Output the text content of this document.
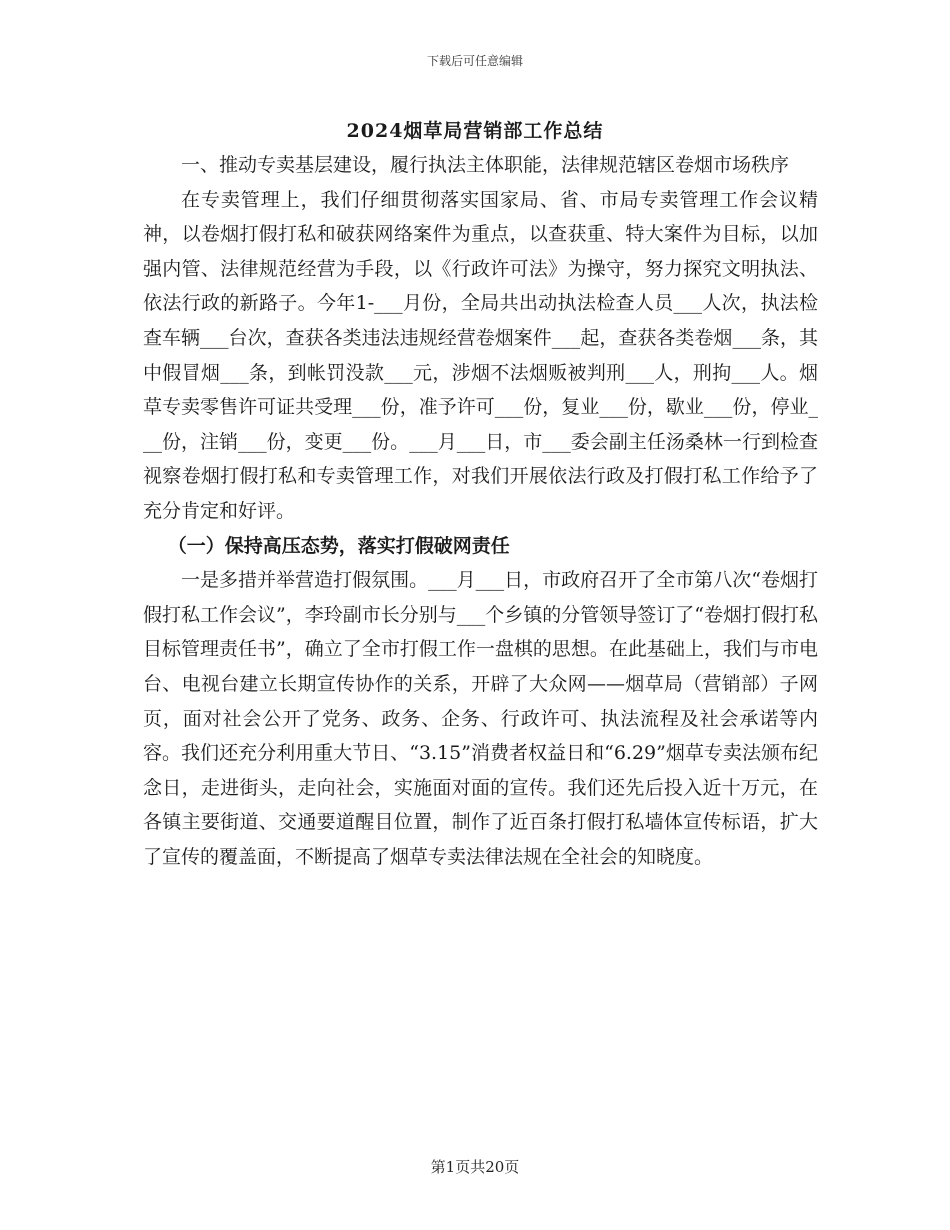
下载后可任意编辑
2024烟草局营销部工作总结

一、推动专卖基层建设，履行执法主体职能，法律规范辖区卷烟市场秩序

在专卖管理上，我们仔细贯彻落实国家局、省、市局专卖管理工作会议精神，以卷烟打假打私和破获网络案件为重点，以查获重、特大案件为目标，以加强内管、法律规范经营为手段，以《行政许可法》为操守，努力探究文明执法、依法行政的新路子。今年1-___月份，全局共出动执法检查人员___人次，执法检查车辆___台次，查获各类违法违规经营卷烟案件___起，查获各类卷烟___条，其中假冒烟___条，到帐罚没款___元，涉烟不法烟贩被判刑___人，刑拘___人。烟草专卖零售许可证共受理___份，准予许可___份，复业___份，歇业___份，停业___份，注销___份，变更___份。___月___日，市___委会副主任汤桑林一行到检查视察卷烟打假打私和专卖管理工作，对我们开展依法行政及打假打私工作给予了充分肯定和好评。

（一）保持高压态势，落实打假破网责任

一是多措并举营造打假氛围。___月___日，市政府召开了全市第八次“卷烟打假打私工作会议”，李玲副市长分别与___个乡镇的分管领导签订了“卷烟打假打私目标管理责任书”，确立了全市打假工作一盘棋的思想。在此基础上，我们与市电台、电视台建立长期宣传协作的关系，开辟了大众网——烟草局（营销部）子网页，面对社会公开了党务、政务、企务、行政许可、执法流程及社会承诺等内容。我们还充分利用重大节日、“3.15”消费者权益日和“6.29”烟草专卖法颁布纪念日，走进街头，走向社会，实施面对面的宣传。我们还先后投入近十万元，在各镇主要街道、交通要道醒目位置，制作了近百条打假打私墙体宣传标语，扩大了宣传的覆盖面，不断提高了烟草专卖法律法规在全社会的知晓度。

第1页共20页
